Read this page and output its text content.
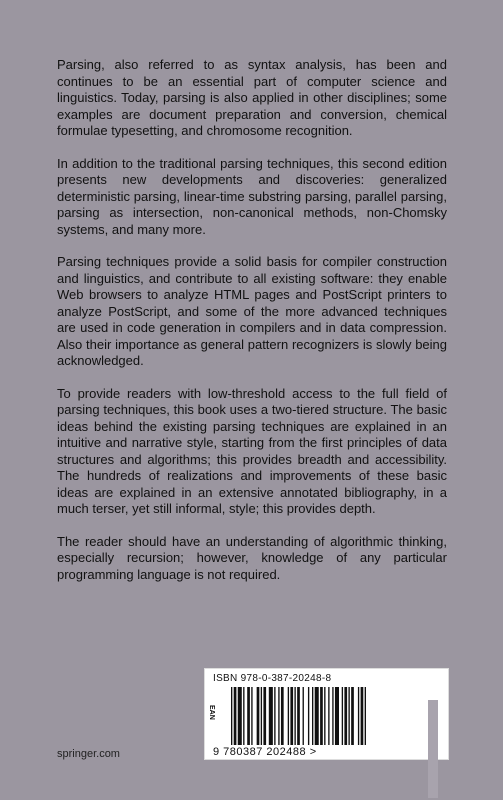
Parsing, also referred to as syntax analysis, has been and continues to be an essential part of computer science and linguistics. Today, parsing is also applied in other disciplines; some examples are document preparation and conversion, chemical formulae typesetting, and chromosome recognition.

In addition to the traditional parsing techniques, this second edition presents new developments and discoveries: generalized deterministic parsing, linear-time substring parsing, parallel parsing, parsing as intersection, non-canonical methods, non-Chomsky systems, and many more.

Parsing techniques provide a solid basis for compiler construction and linguistics, and contribute to all existing software: they enable Web browsers to analyze HTML pages and PostScript printers to analyze PostScript, and some of the more advanced techniques are used in code generation in compilers and in data compression. Also their importance as general pattern recognizers is slowly being acknowledged.

To provide readers with low-threshold access to the full field of parsing techniques, this book uses a two-tiered structure. The basic ideas behind the existing parsing techniques are explained in an intuitive and narrative style, starting from the first principles of data structures and algorithms; this provides breadth and accessibility. The hundreds of realizations and improvements of these basic ideas are explained in an extensive annotated bibliography, in a much terser, yet still informal, style; this provides depth.

The reader should have an understanding of algorithmic thinking, especially recursion; however, knowledge of any particular programming language is not required.

ISBN 978-0-387-20248-8
EAN
9 780387 202488 >
springer.com
